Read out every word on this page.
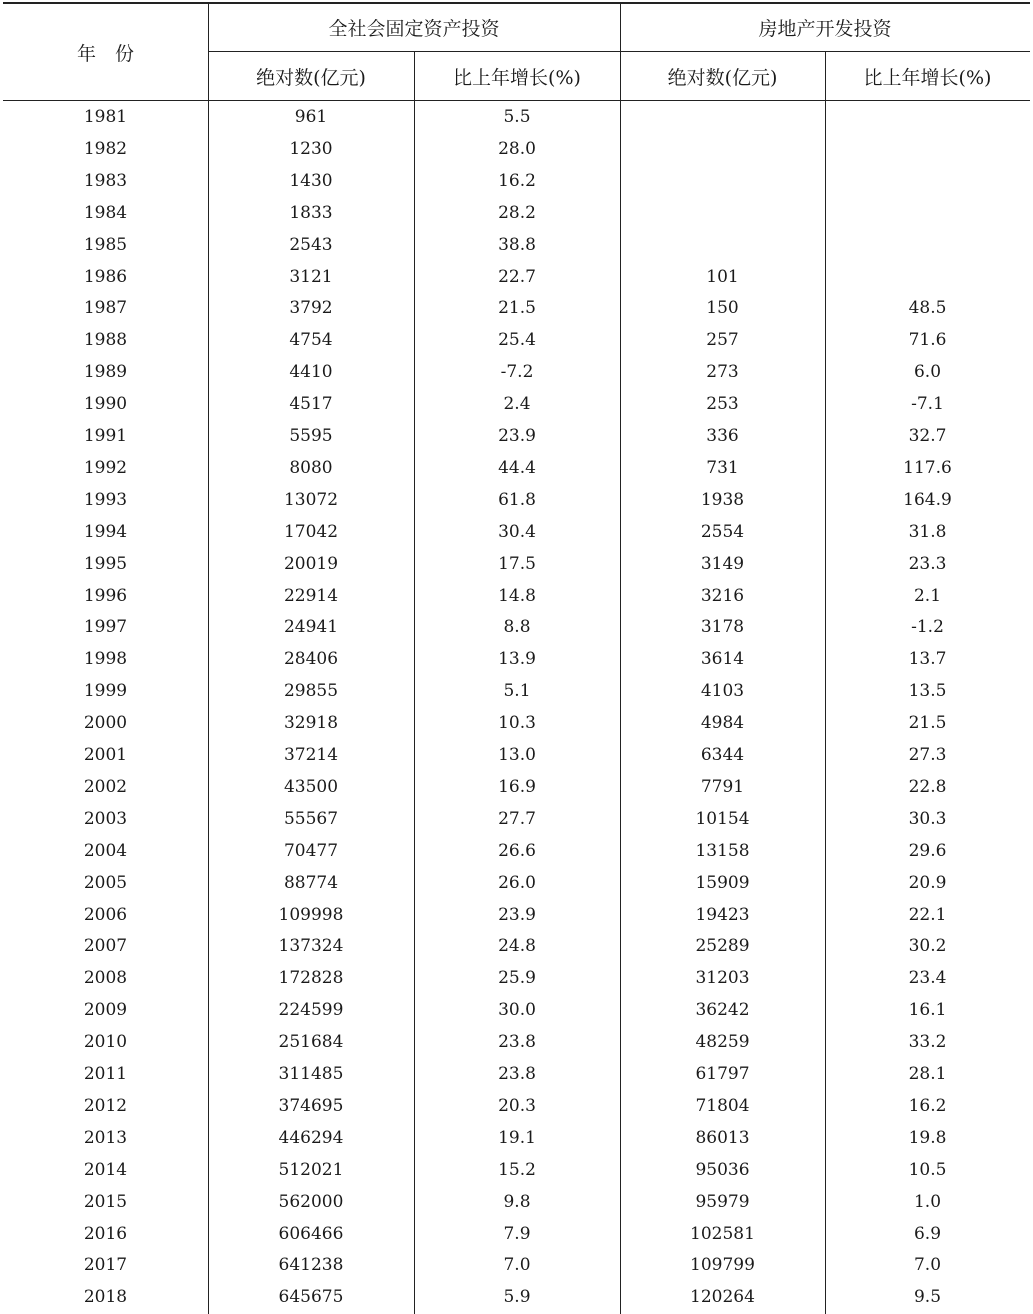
年　份
全社会固定资产投资	房地产开发投资
绝对数(亿元)	比上年增长(%)	绝对数(亿元)	比上年增长(%)
1981	961	5.5
1982	1230	28.0
1983	1430	16.2
1984	1833	28.2
1985	2543	38.8
1986	3121	22.7	101
1987	3792	21.5	150	48.5
1988	4754	25.4	257	71.6
1989	4410	-7.2	273	6.0
1990	4517	2.4	253	-7.1
1991	5595	23.9	336	32.7
1992	8080	44.4	731	117.6
1993	13072	61.8	1938	164.9
1994	17042	30.4	2554	31.8
1995	20019	17.5	3149	23.3
1996	22914	14.8	3216	2.1
1997	24941	8.8	3178	-1.2
1998	28406	13.9	3614	13.7
1999	29855	5.1	4103	13.5
2000	32918	10.3	4984	21.5
2001	37214	13.0	6344	27.3
2002	43500	16.9	7791	22.8
2003	55567	27.7	10154	30.3
2004	70477	26.6	13158	29.6
2005	88774	26.0	15909	20.9
2006	109998	23.9	19423	22.1
2007	137324	24.8	25289	30.2
2008	172828	25.9	31203	23.4
2009	224599	30.0	36242	16.1
2010	251684	23.8	48259	33.2
2011	311485	23.8	61797	28.1
2012	374695	20.3	71804	16.2
2013	446294	19.1	86013	19.8
2014	512021	15.2	95036	10.5
2015	562000	9.8	95979	1.0
2016	606466	7.9	102581	6.9
2017	641238	7.0	109799	7.0
2018	645675	5.9	120264	9.5
